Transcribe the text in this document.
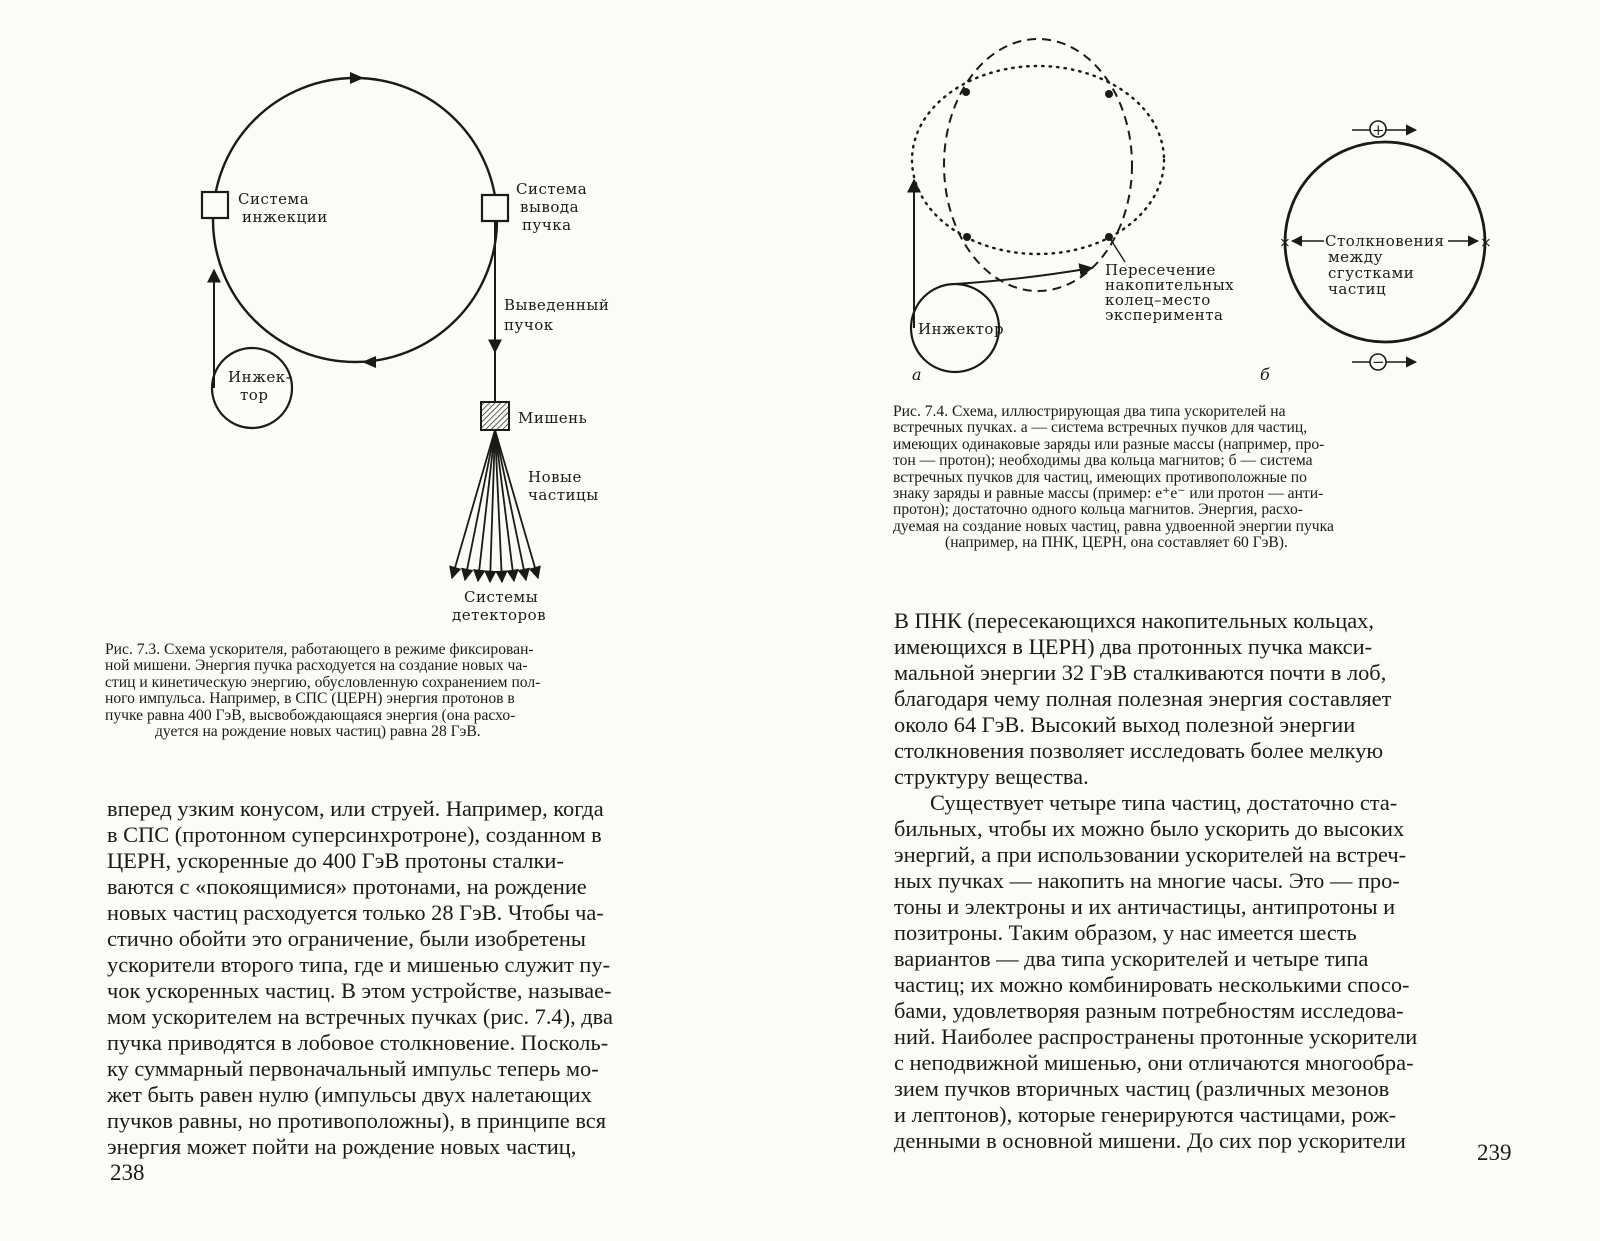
Система
инжекции
Система
вывода
пучка
Выведенный
пучок
Инжек-
тор
Мишень
Новые
частицы
Системы
детекторов
Рис. 7.3. Схема ускорителя, работающего в режиме фиксирован-
ной мишени. Энергия пучка расходуется на создание новых ча-
стиц и кинетическую энергию, обусловленную сохранением пол-
ного импульса. Например, в СПС (ЦЕРН) энергия протонов в
пучке равна 400 ГэВ, высвобождающаяся энергия (она расхо-
дуется на рождение новых частиц) равна 28 ГэВ.
вперед узким конусом, или струей. Например, когда
в СПС (протонном суперсинхротроне), созданном в
ЦЕРН, ускоренные до 400 ГэВ протоны сталки-
ваются с «покоящимися» протонами, на рождение
новых частиц расходуется только 28 ГэВ. Чтобы ча-
стично обойти это ограничение, были изобретены
ускорители второго типа, где и мишенью служит пу-
чок ускоренных частиц. В этом устройстве, называе-
мом ускорителем на встречных пучках (рис. 7.4), два
пучка приводятся в лобовое столкновение. Посколь-
ку суммарный первоначальный импульс теперь мо-
жет быть равен нулю (импульсы двух налетающих
пучков равны, но противоположны), в принципе вся
энергия может пойти на рождение новых частиц,
238
Пересечение
накопительных
колец–место
эксперимента
Инжектор
а
×	×
+
−
Столкновения
между
сгустками
частиц
б
Рис. 7.4. Схема, иллюстрирующая два типа ускорителей на
встречных пучках. а — система встречных пучков для частиц,
имеющих одинаковые заряды или разные массы (например, про-
тон — протон); необходимы два кольца магнитов; б — система
встречных пучков для частиц, имеющих противоположные по
знаку заряды и равные массы (пример: e⁺e⁻ или протон — анти-
протон); достаточно одного кольца магнитов. Энергия, расхо-
дуемая на создание новых частиц, равна удвоенной энергии пучка
(например, на ПНК, ЦЕРН, она составляет 60 ГэВ).
В ПНК (пересекающихся накопительных кольцах,
имеющихся в ЦЕРН) два протонных пучка макси-
мальной энергии 32 ГэВ сталкиваются почти в лоб,
благодаря чему полная полезная энергия составляет
около 64 ГэВ. Высокий выход полезной энергии
столкновения позволяет исследовать более мелкую
структуру вещества.
Существует четыре типа частиц, достаточно ста-
бильных, чтобы их можно было ускорить до высоких
энергий, а при использовании ускорителей на встреч-
ных пучках — накопить на многие часы. Это — про-
тоны и электроны и их античастицы, антипротоны и
позитроны. Таким образом, у нас имеется шесть
вариантов — два типа ускорителей и четыре типа
частиц; их можно комбинировать несколькими спосо-
бами, удовлетворяя разным потребностям исследова-
ний. Наиболее распространены протонные ускорители
с неподвижной мишенью, они отличаются многообра-
зием пучков вторичных частиц (различных мезонов
и лептонов), которые генерируются частицами, рож-
денными в основной мишени. До сих пор ускорители	239
